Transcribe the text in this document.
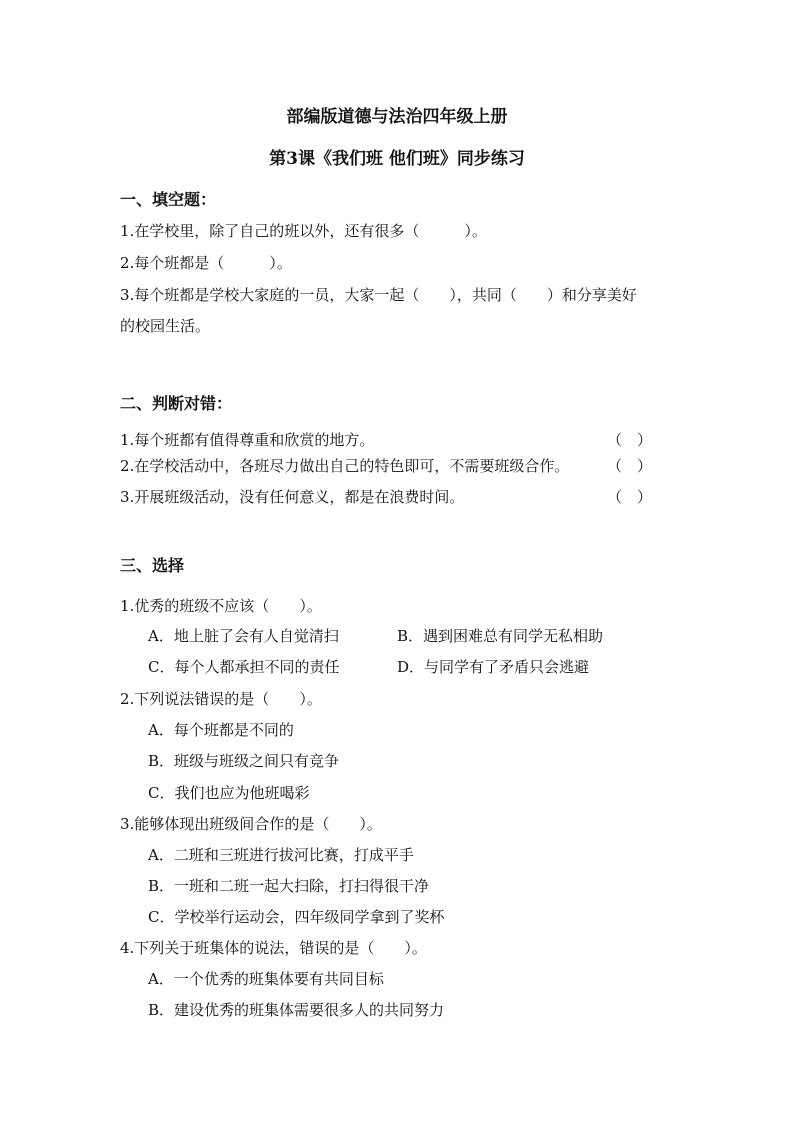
部编版道德与法治四年级上册
第3课《我们班 他们班》同步练习
一、填空题：
1.在学校里，除了自己的班以外，还有很多（　　　）。
2.每个班都是（　　　）。
3.每个班都是学校大家庭的一员，大家一起（　　），共同（　　）和分享美好
的校园生活。
二、判断对错：
1.每个班都有值得尊重和欣赏的地方。	（　）
2.在学校活动中，各班尽力做出自己的特色即可，不需要班级合作。	（　）
3.开展班级活动，没有任何意义，都是在浪费时间。	（　）
三、选择
1.优秀的班级不应该（　　）。
A．地上脏了会有人自觉清扫	B．遇到困难总有同学无私相助
C．每个人都承担不同的责任	D．与同学有了矛盾只会逃避
2.下列说法错误的是（　　）。
A．每个班都是不同的
B．班级与班级之间只有竞争
C．我们也应为他班喝彩
3.能够体现出班级间合作的是（　　）。
A．二班和三班进行拔河比赛，打成平手
B．一班和二班一起大扫除，打扫得很干净
C．学校举行运动会，四年级同学拿到了奖杯
4.下列关于班集体的说法，错误的是（　　）。
A．一个优秀的班集体要有共同目标
B．建设优秀的班集体需要很多人的共同努力
